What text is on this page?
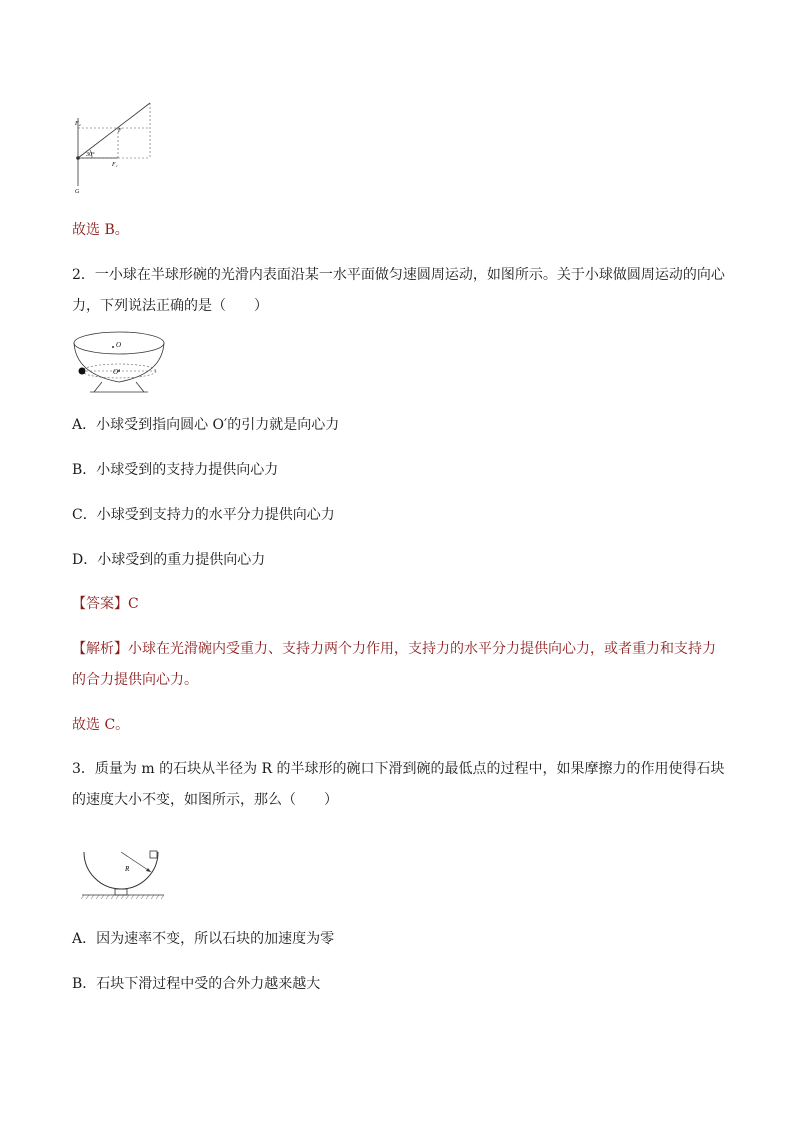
F₂
F
30°
F₁
G
故选 B。
2．一小球在半球形碗的光滑内表面沿某一水平面做匀速圆周运动，如图所示。关于小球做圆周运动的向心
力，下列说法正确的是（　　）
O
O′
A．小球受到指向圆心 O′的引力就是向心力
B．小球受到的支持力提供向心力
C．小球受到支持力的水平分力提供向心力
D．小球受到的重力提供向心力
【答案】C
【解析】小球在光滑碗内受重力、支持力两个力作用，支持力的水平分力提供向心力，或者重力和支持力
的合力提供向心力。
故选 C。
3．质量为 m 的石块从半径为 R 的半球形的碗口下滑到碗的最低点的过程中，如果摩擦力的作用使得石块
的速度大小不变，如图所示，那么（　　）
R
A．因为速率不变，所以石块的加速度为零
B．石块下滑过程中受的合外力越来越大
